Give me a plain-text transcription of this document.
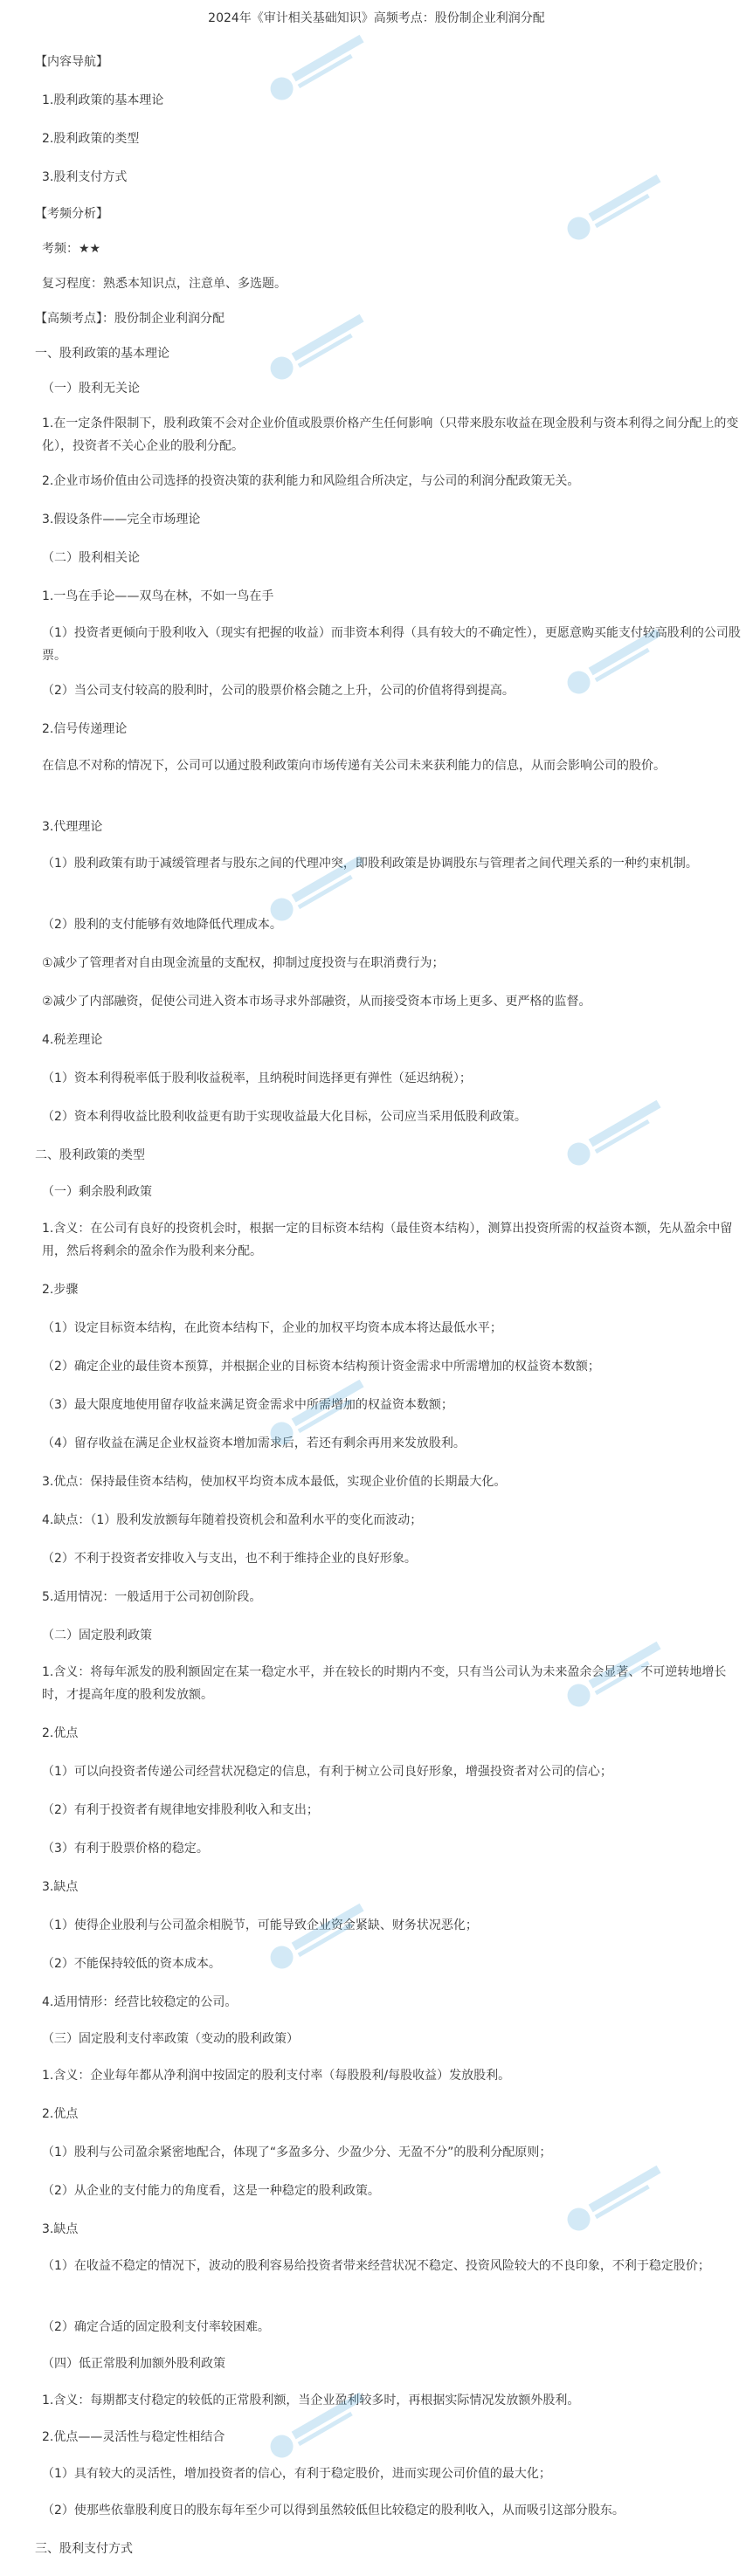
2024年《审计相关基础知识》高频考点：股份制企业利润分配
【内容导航】
1.股利政策的基本理论
2.股利政策的类型
3.股利支付方式
【考频分析】
考频：★★
复习程度：熟悉本知识点，注意单、多选题。
【高频考点】：股份制企业利润分配
一、股利政策的基本理论
（一）股利无关论
1.在一定条件限制下，股利政策不会对企业价值或股票价格产生任何影响（只带来股东收益在现金股利与资本利得之间分配上的变化），投资者不关心企业的股利分配。
2.企业市场价值由公司选择的投资决策的获利能力和风险组合所决定，与公司的利润分配政策无关。
3.假设条件——完全市场理论
（二）股利相关论
1.一鸟在手论——双鸟在林，不如一鸟在手
（1）投资者更倾向于股利收入（现实有把握的收益）而非资本利得（具有较大的不确定性），更愿意购买能支付较高股利的公司股票。
（2）当公司支付较高的股利时，公司的股票价格会随之上升，公司的价值将得到提高。
2.信号传递理论
在信息不对称的情况下，公司可以通过股利政策向市场传递有关公司未来获利能力的信息，从而会影响公司的股价。
3.代理理论
（1）股利政策有助于减缓管理者与股东之间的代理冲突，即股利政策是协调股东与管理者之间代理关系的一种约束机制。
（2）股利的支付能够有效地降低代理成本。
①减少了管理者对自由现金流量的支配权，抑制过度投资与在职消费行为；
②减少了内部融资，促使公司进入资本市场寻求外部融资，从而接受资本市场上更多、更严格的监督。
4.税差理论
（1）资本利得税率低于股利收益税率，且纳税时间选择更有弹性（延迟纳税）；
（2）资本利得收益比股利收益更有助于实现收益最大化目标，公司应当采用低股利政策。
二、股利政策的类型
（一）剩余股利政策
1.含义：在公司有良好的投资机会时，根据一定的目标资本结构（最佳资本结构），测算出投资所需的权益资本额，先从盈余中留用，然后将剩余的盈余作为股利来分配。
2.步骤
（1）设定目标资本结构，在此资本结构下，企业的加权平均资本成本将达最低水平；
（2）确定企业的最佳资本预算，并根据企业的目标资本结构预计资金需求中所需增加的权益资本数额；
（3）最大限度地使用留存收益来满足资金需求中所需增加的权益资本数额；
（4）留存收益在满足企业权益资本增加需求后，若还有剩余再用来发放股利。
3.优点：保持最佳资本结构，使加权平均资本成本最低，实现企业价值的长期最大化。
4.缺点：（1）股利发放额每年随着投资机会和盈利水平的变化而波动；
（2）不利于投资者安排收入与支出，也不利于维持企业的良好形象。
5.适用情况：一般适用于公司初创阶段。
（二）固定股利政策
1.含义：将每年派发的股利额固定在某一稳定水平，并在较长的时期内不变，只有当公司认为未来盈余会显著、不可逆转地增长时，才提高年度的股利发放额。
2.优点
（1）可以向投资者传递公司经营状况稳定的信息，有利于树立公司良好形象，增强投资者对公司的信心；
（2）有利于投资者有规律地安排股利收入和支出；
（3）有利于股票价格的稳定。
3.缺点
（1）使得企业股利与公司盈余相脱节，可能导致企业资金紧缺、财务状况恶化；
（2）不能保持较低的资本成本。
4.适用情形：经营比较稳定的公司。
（三）固定股利支付率政策（变动的股利政策）
1.含义：企业每年都从净利润中按固定的股利支付率（每股股利/每股收益）发放股利。
2.优点
（1）股利与公司盈余紧密地配合，体现了“多盈多分、少盈少分、无盈不分”的股利分配原则；
（2）从企业的支付能力的角度看，这是一种稳定的股利政策。
3.缺点
（1）在收益不稳定的情况下，波动的股利容易给投资者带来经营状况不稳定、投资风险较大的不良印象，不利于稳定股价；
（2）确定合适的固定股利支付率较困难。
（四）低正常股利加额外股利政策
1.含义：每期都支付稳定的较低的正常股利额，当企业盈利较多时，再根据实际情况发放额外股利。
2.优点——灵活性与稳定性相结合
（1）具有较大的灵活性，增加投资者的信心，有利于稳定股价，进而实现公司价值的最大化；
（2）使那些依靠股利度日的股东每年至少可以得到虽然较低但比较稳定的股利收入，从而吸引这部分股东。
三、股利支付方式
